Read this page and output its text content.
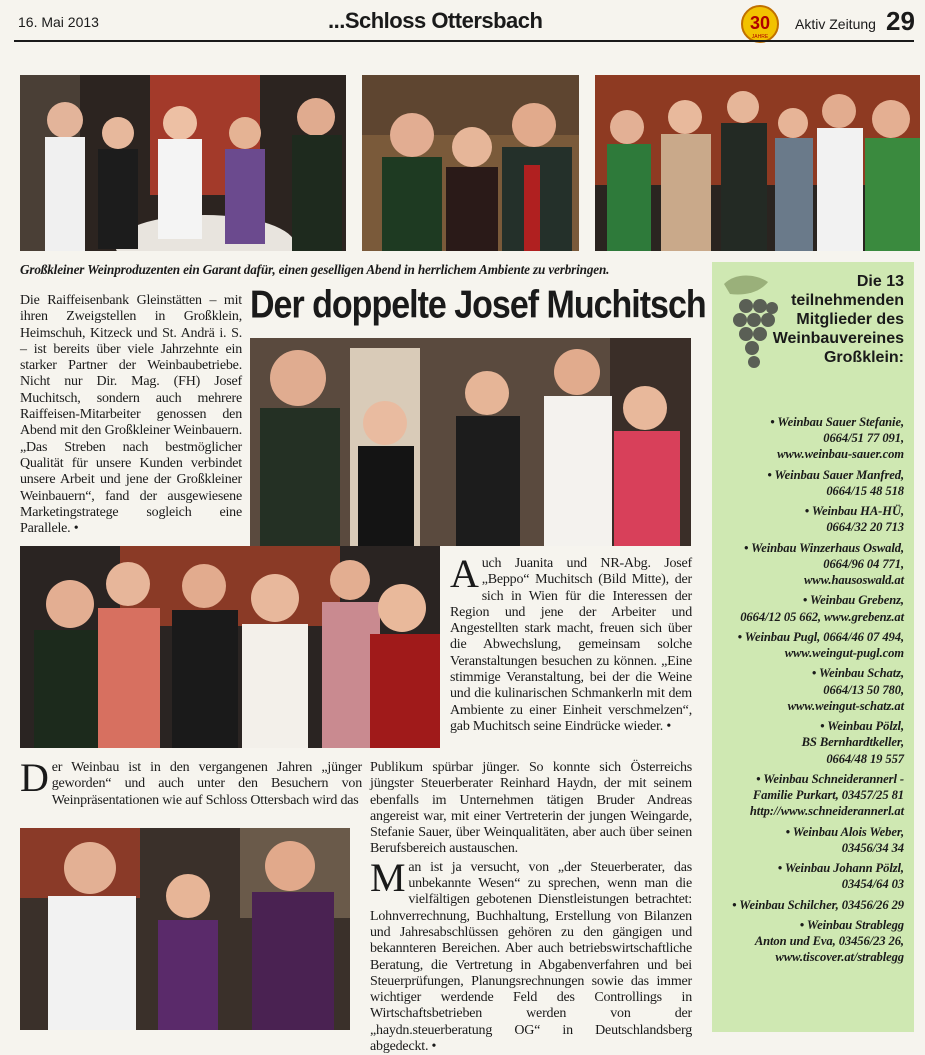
16. Mai 2013	...Schloss Ottersbach	30
JAHRE
Aktiv Zeitung 29
Großkleiner Weinproduzenten ein Garant dafür, einen geselligen Abend in herrlichem Ambiente zu verbringen.

Die Raiffeisenbank Gleinstätten – mit ihren Zweigstellen in Großklein, Heimschuh, Kitzeck und St. Andrä i. S. – ist bereits über viele Jahrzehnte ein starker Partner der Weinbaubetriebe. Nicht nur Dir. Mag. (FH) Josef Muchitsch, sondern auch mehrere Raiffeisen-Mitarbeiter genossen den Abend mit den Großkleiner Weinbauern. „Das Streben nach bestmöglicher Qualität für unsere Kunden verbindet unsere Arbeit und jene der Großkleiner Weinbauern“, fand der ausgewiesene Marketingstratege sogleich eine Parallele. •

Der doppelte Josef Muchitsch

Auch Juanita und NR-Abg. Josef „Beppo“ Muchitsch (Bild Mitte), der sich in Wien für die Interessen der Region und jene der Arbeiter und Angestellten stark macht, freuen sich über die Abwechslung, gemeinsam solche Veranstaltungen besuchen zu können. „Eine stimmige Veranstaltung, bei der die Weine und die kulinarischen Schmankerln mit dem Ambiente zu einer Einheit verschmelzen“, gab Muchitsch seine Eindrücke wieder. •

Der Weinbau ist in den vergangenen Jahren „jünger geworden“ und auch unter den Besuchern von Weinpräsentationen wie auf Schloss Ottersbach wird das

Publikum spürbar jünger. So konnte sich Österreichs jüngster Steuerberater Reinhard Haydn, der mit seinem ebenfalls im Unternehmen tätigen Bruder Andreas angereist war, mit einer Vertreterin der jungen Weingarde, Stefanie Sauer, über Weinqualitäten, aber auch über seinen Berufsbereich austauschen.

Man ist ja versucht, von „der Steuerberater, das unbekannte Wesen“ zu sprechen, wenn man die vielfältigen gebotenen Dienstleistungen betrachtet: Lohnverrechnung, Buchhaltung, Erstellung von Bilanzen und Jahresabschlüssen gehören zu den gängigen und bekannteren Bereichen. Aber auch betriebswirtschaftliche Beratung, die Vertretung in Abgabenverfahren und bei Steuerprüfungen, Planungsrechnungen sowie das immer wichtiger werdende Feld des Controllings in Wirtschaftsbetrieben werden von der „haydn.steuerberatung OG“ in Deutschlandsberg abgedeckt. •

Die 13
teilnehmenden
Mitglieder des
Weinbauvereines
Großklein:
• Weinbau Sauer Stefanie,
0664/51 77 091,
www.weinbau-sauer.com
• Weinbau Sauer Manfred,
0664/15 48 518
• Weinbau HA-HÜ,
0664/32 20 713
• Weinbau Winzerhaus Oswald,
0664/96 04 771,
www.hausoswald.at
• Weinbau Grebenz,
0664/12 05 662, www.grebenz.at
• Weinbau Pugl, 0664/46 07 494,
www.weingut-pugl.com
• Weinbau Schatz,
0664/13 50 780,
www.weingut-schatz.at
• Weinbau Pölzl,
BS Bernhardtkeller,
0664/48 19 557
• Weinbau Schneiderannerl -
Familie Purkart, 03457/25 81
http://www.schneiderannerl.at
• Weinbau Alois Weber,
03456/34 34
• Weinbau Johann Pölzl,
03454/64 03
• Weinbau Schilcher, 03456/26 29
• Weinbau Strablegg
Anton und Eva, 03456/23 26,
www.tiscover.at/strablegg
